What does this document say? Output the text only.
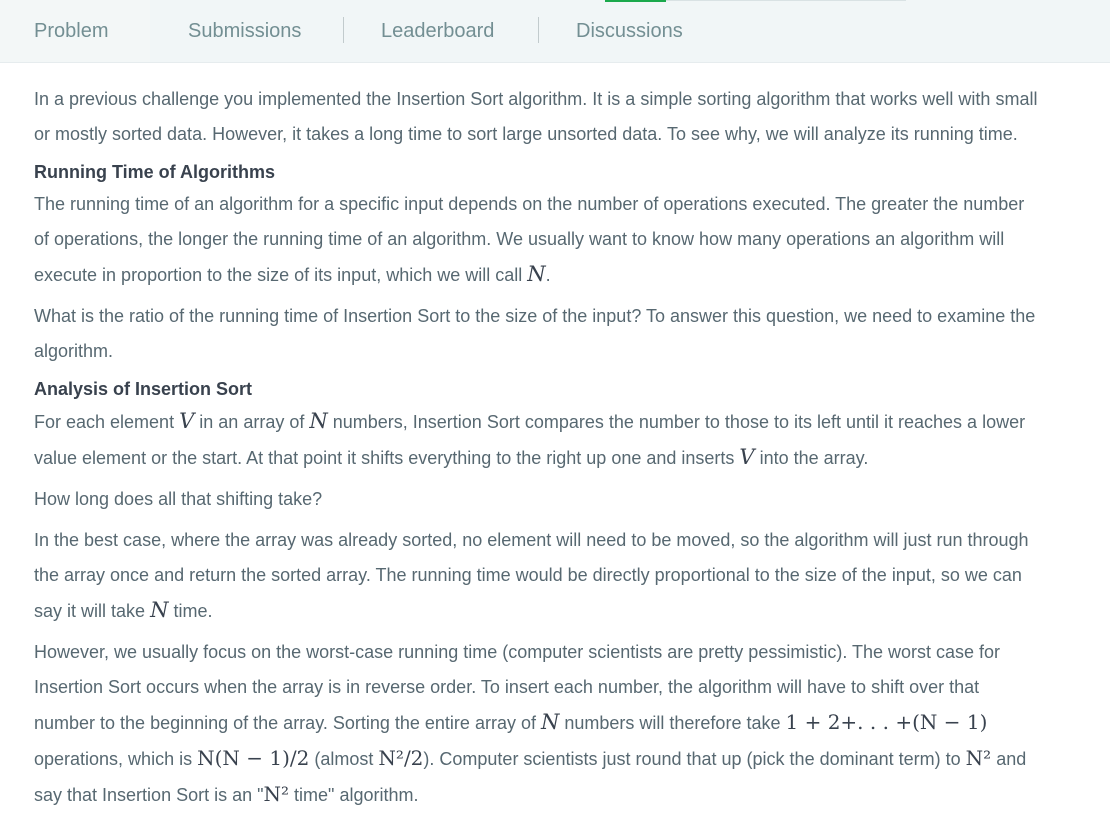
Problem	Submissions	Leaderboard	Discussions

In a previous challenge you implemented the Insertion Sort algorithm. It is a simple sorting algorithm that works well with small
or mostly sorted data. However, it takes a long time to sort large unsorted data. To see why, we will analyze its running time.

Running Time of Algorithms

The running time of an algorithm for a specific input depends on the number of operations executed. The greater the number
of operations, the longer the running time of an algorithm. We usually want to know how many operations an algorithm will
execute in proportion to the size of its input, which we will call N.

What is the ratio of the running time of Insertion Sort to the size of the input? To answer this question, we need to examine the
algorithm.

Analysis of Insertion Sort

For each element V in an array of N numbers, Insertion Sort compares the number to those to its left until it reaches a lower
value element or the start. At that point it shifts everything to the right up one and inserts V into the array.

How long does all that shifting take?

In the best case, where the array was already sorted, no element will need to be moved, so the algorithm will just run through
the array once and return the sorted array. The running time would be directly proportional to the size of the input, so we can
say it will take N time.

However, we usually focus on the worst-case running time (computer scientists are pretty pessimistic). The worst case for
Insertion Sort occurs when the array is in reverse order. To insert each number, the algorithm will have to shift over that
number to the beginning of the array. Sorting the entire array of N numbers will therefore take 1 + 2+. . . +(N − 1)
operations, which is N(N − 1)/2 (almost N²/2). Computer scientists just round that up (pick the dominant term) to N² and
say that Insertion Sort is an "N² time" algorithm.
